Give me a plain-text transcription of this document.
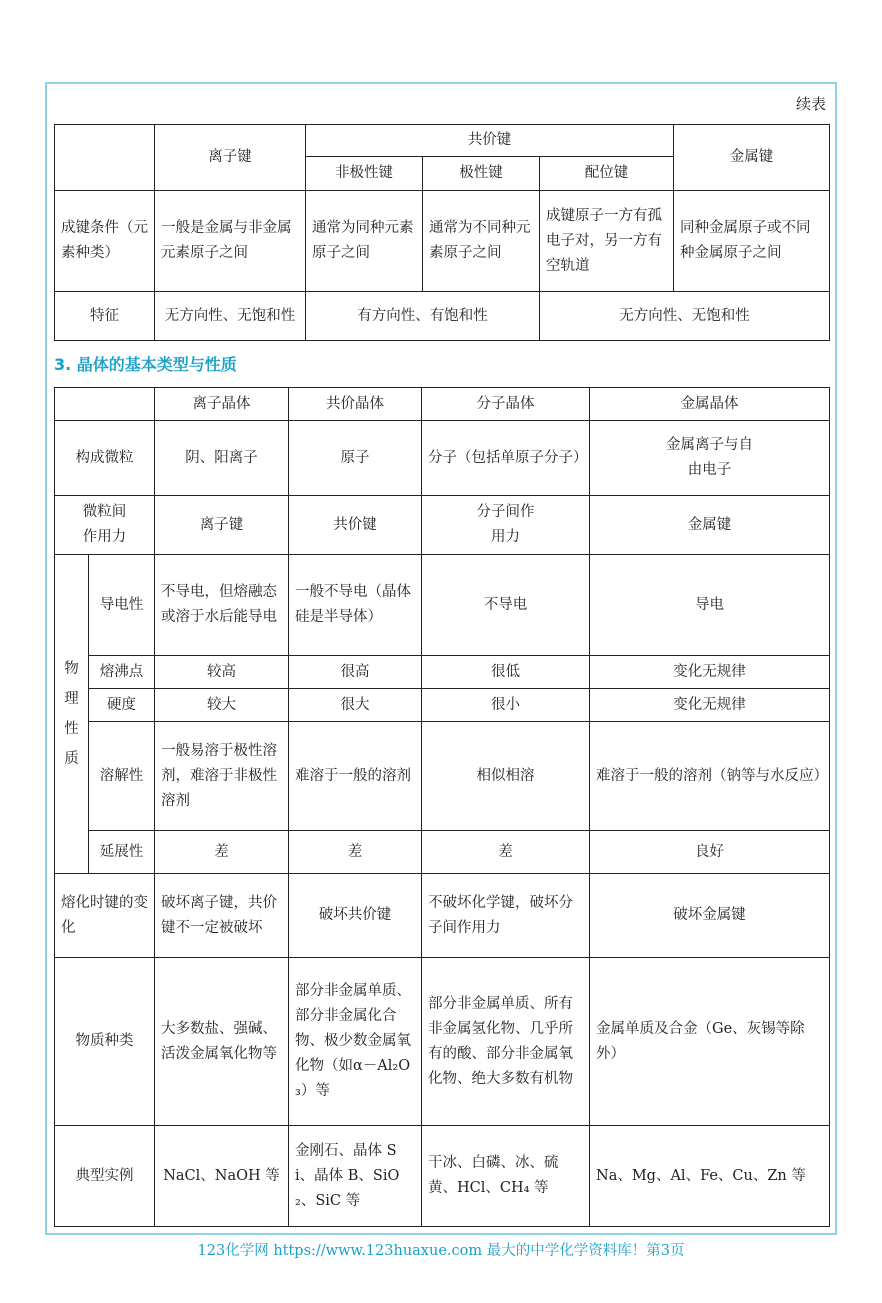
续表
	离子键	共价键			金属键
		非极性键	极性键	配位键	
成键条件（元素种类）	一般是金属与非金属元素原子之间	通常为同种元素原子之间	通常为不同种元素原子之间	成键原子一方有孤电子对，另一方有空轨道	同种金属原子或不同种金属原子之间
特征	无方向性、无饱和性	有方向性、有饱和性		无方向性、无饱和性	
3. 晶体的基本类型与性质
		离子晶体	共价晶体	分子晶体	金属晶体
构成微粒		阴、阳离子	原子	分子（包括单原子分子）	金属离子与自由电子
微粒间作用力		离子键	共价键	分子间作用力	金属键
物理性质	导电性	不导电，但熔融态或溶于水后能导电	一般不导电（晶体硅是半导体）	不导电	导电
	熔沸点	较高	很高	很低	变化无规律
	硬度	较大	很大	很小	变化无规律
	溶解性	一般易溶于极性溶剂，难溶于非极性溶剂	难溶于一般的溶剂	相似相溶	难溶于一般的溶剂（钠等与水反应）
	延展性	差	差	差	良好
熔化时键的变化		破坏离子键，共价键不一定被破坏	破坏共价键	不破坏化学键，破坏分子间作用力	破坏金属键
物质种类		大多数盐、强碱、活泼金属氧化物等	部分非金属单质、部分非金属化合物、极少数金属氧化物（如α－Al₂O₃）等	部分非金属单质、所有非金属氢化物、几乎所有的酸、部分非金属氧化物、绝大多数有机物	金属单质及合金（Ge、灰锡等除外）
典型实例		NaCl、NaOH 等	金刚石、晶体 Si、晶体 B、SiO₂、SiC 等	干冰、白磷、冰、硫黄、HCl、CH₄ 等	Na、Mg、Al、Fe、Cu、Zn 等
123化学网 https://www.123huaxue.com 最大的中学化学资料库！第3页
